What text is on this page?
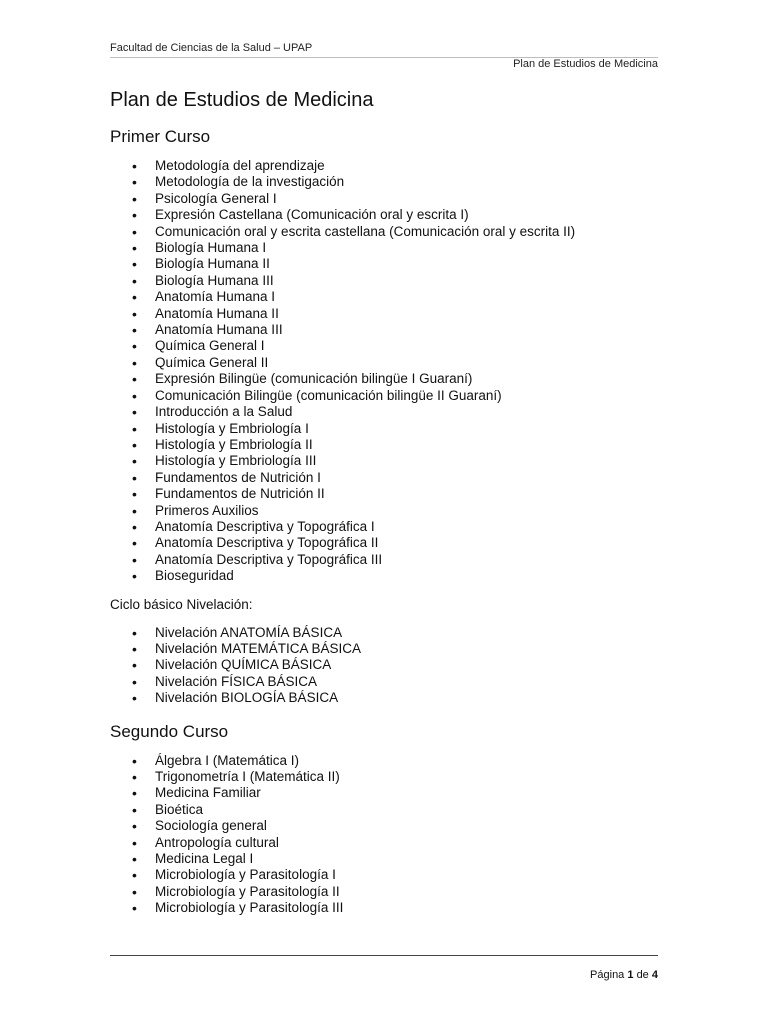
Facultad de Ciencias de la Salud – UPAP
Plan de Estudios de Medicina
Plan de Estudios de Medicina
Primer Curso
• Metodología del aprendizaje
• Metodología de la investigación
• Psicología General I
• Expresión Castellana (Comunicación oral y escrita I)
• Comunicación oral y escrita castellana (Comunicación oral y escrita II)
• Biología Humana I
• Biología Humana II
• Biología Humana III
• Anatomía Humana I
• Anatomía Humana II
• Anatomía Humana III
• Química General I
• Química General II
• Expresión Bilingüe (comunicación bilingüe I Guaraní)
• Comunicación Bilingüe (comunicación bilingüe II Guaraní)
• Introducción a la Salud
• Histología y Embriología I
• Histología y Embriología II
• Histología y Embriología III
• Fundamentos de Nutrición I
• Fundamentos de Nutrición II
• Primeros Auxilios
• Anatomía Descriptiva y Topográfica I
• Anatomía Descriptiva y Topográfica II
• Anatomía Descriptiva y Topográfica III
• Bioseguridad
Ciclo básico Nivelación:
• Nivelación ANATOMÍA BÁSICA
• Nivelación MATEMÁTICA BÁSICA
• Nivelación QUÍMICA BÁSICA
• Nivelación FÍSICA BÁSICA
• Nivelación BIOLOGÍA BÁSICA
Segundo Curso
• Álgebra I (Matemática I)
• Trigonometría I (Matemática II)
• Medicina Familiar
• Bioética
• Sociología general
• Antropología cultural
• Medicina Legal I
• Microbiología y Parasitología I
• Microbiología y Parasitología II
• Microbiología y Parasitología III
Página 1 de 4
